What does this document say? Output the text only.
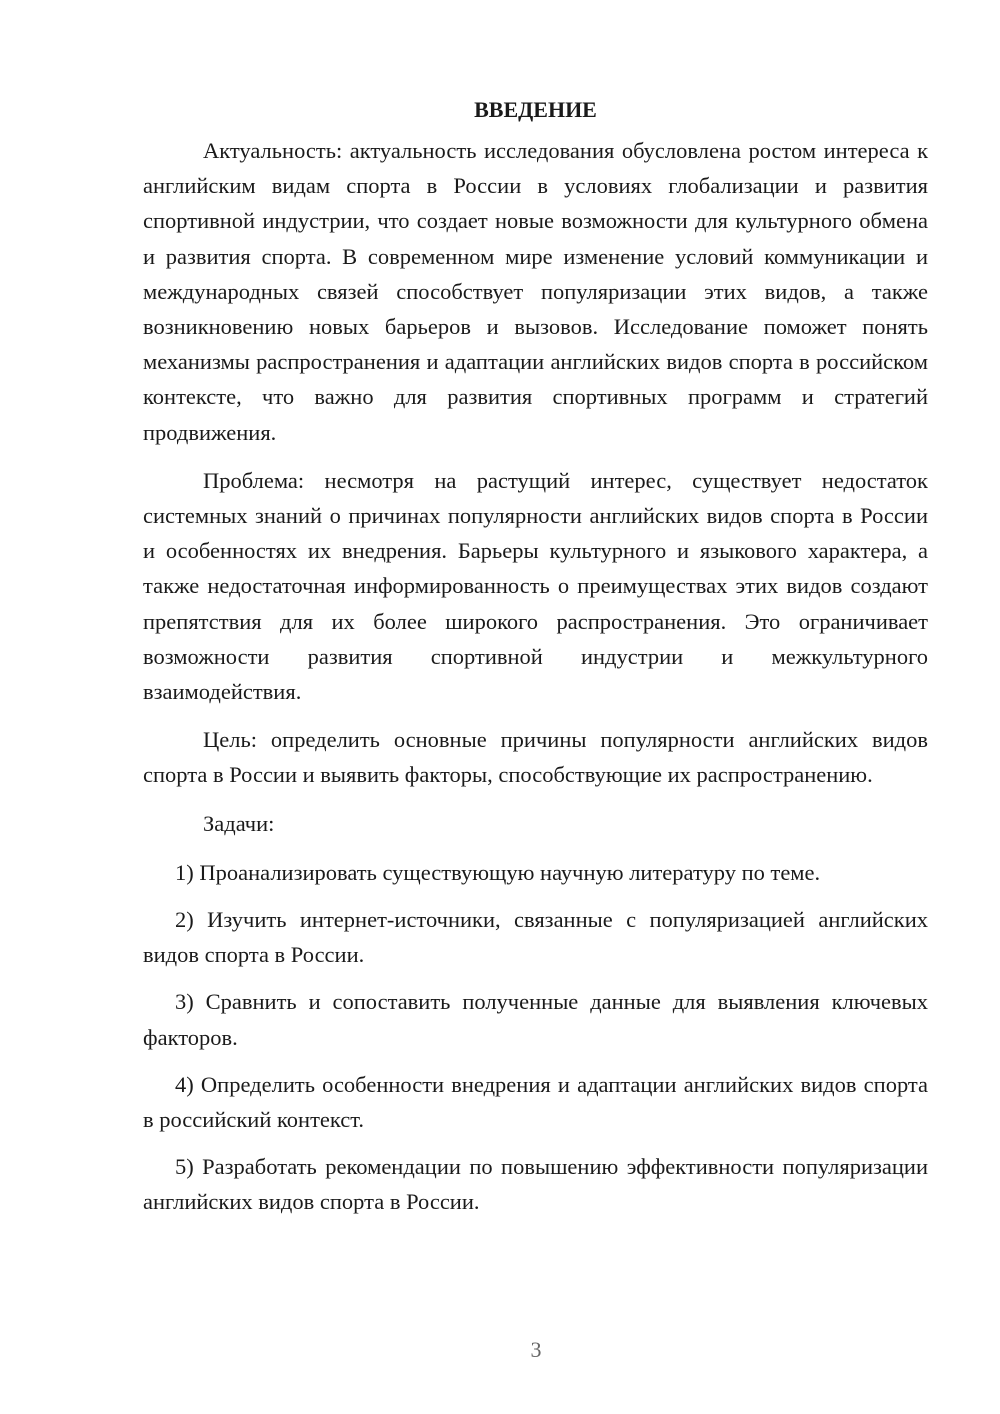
ВВЕДЕНИЕ

Актуальность: актуальность исследования обусловлена ростом интереса к английским видам спорта в России в условиях глобализации и развития спортивной индустрии, что создает новые возможности для культурного обмена и развития спорта. В современном мире изменение условий коммуникации и международных связей способствует популяризации этих видов, а также возникновению новых барьеров и вызовов. Исследование поможет понять механизмы распространения и адаптации английских видов спорта в российском контексте, что важно для развития спортивных программ и стратегий продвижения.

Проблема: несмотря на растущий интерес, существует недостаток системных знаний о причинах популярности английских видов спорта в России и особенностях их внедрения. Барьеры культурного и языкового характера, а также недостаточная информированность о преимуществах этих видов создают препятствия для их более широкого распространения. Это ограничивает возможности развития спортивной индустрии и межкультурного взаимодействия.

Цель: определить основные причины популярности английских видов спорта в России и выявить факторы, способствующие их распространению.

Задачи:

1) Проанализировать существующую научную литературу по теме.

2) Изучить интернет-источники, связанные с популяризацией английских видов спорта в России.

3) Сравнить и сопоставить полученные данные для выявления ключевых факторов.

4) Определить особенности внедрения и адаптации английских видов спорта в российский контекст.

5) Разработать рекомендации по повышению эффективности популяризации английских видов спорта в России.

3
